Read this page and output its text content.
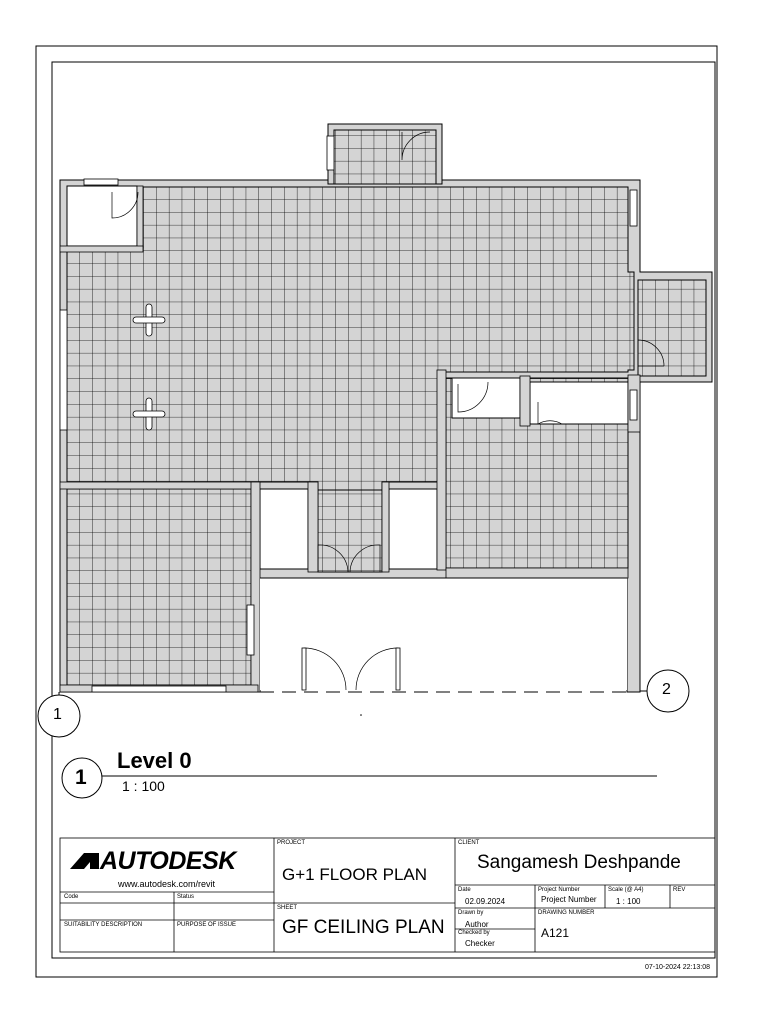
1
2
1
Level 0
1 : 100
AUTODESK
www.autodesk.com/revit
Code	Status
SUITABILITY DESCRIPTION	PURPOSE OF ISSUE
PROJECT
G+1 FLOOR PLAN
SHEET
GF CEILING PLAN
CLIENT
Sangamesh Deshpande
Date
02.09.2024
Project Number
Project Number
Scale (@ A4)
1 : 100
REV
Drawn by
Author
Checked by
Checker
DRAWING NUMBER
A121
07-10-2024 22:13:08
